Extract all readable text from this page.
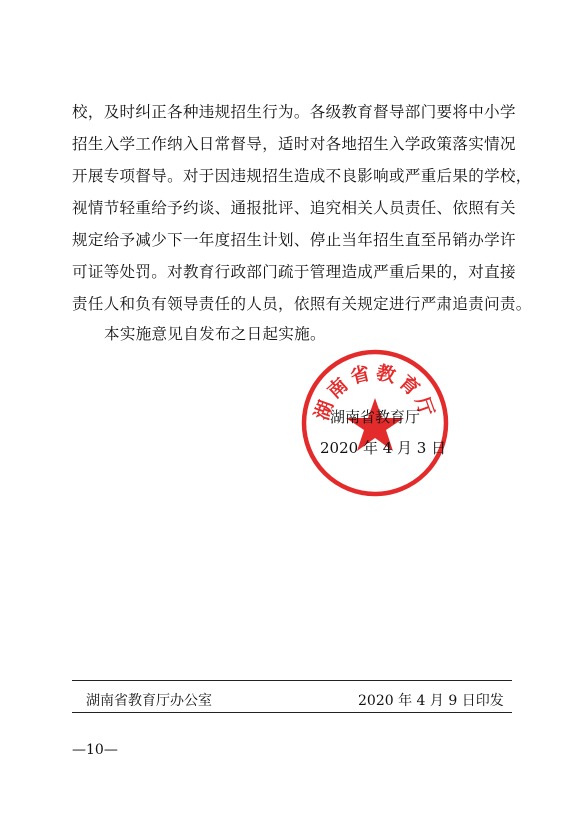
校，及时纠正各种违规招生行为。各级教育督导部门要将中小学
招生入学工作纳入日常督导，适时对各地招生入学政策落实情况
开展专项督导。对于因违规招生造成不良影响或严重后果的学校，
视情节轻重给予约谈、通报批评、追究相关人员责任、依照有关
规定给予减少下一年度招生计划、停止当年招生直至吊销办学许
可证等处罚。对教育行政部门疏于管理造成严重后果的，对直接
责任人和负有领导责任的人员，依照有关规定进行严肃追责问责。
本实施意见自发布之日起实施。
湖南省教育厅
湖南省教育厅
2020 年 4 月 3 日
湖南省教育厅办公室	2020 年 4 月 9 日印发
—10—
